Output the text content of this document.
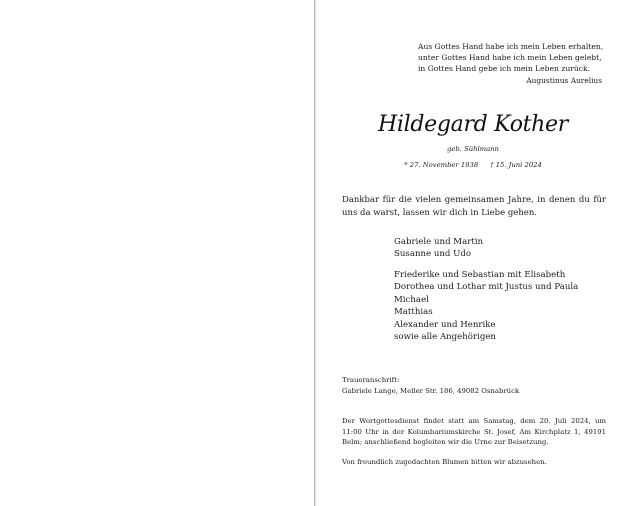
Aus Gottes Hand habe ich mein Leben erhalten,
unter Gottes Hand habe ich mein Leben gelebt,
in Gottes Hand gebe ich mein Leben zurück.
Augustinus Aurelius
Hildegard Kother
geb. Sühlmann
* 27. November 1938 † 15. Juni 2024
Dankbar für die vielen gemeinsamen Jahre, in denen du für uns da warst, lassen wir dich in Liebe gehen.
Gabriele und Martin
Susanne und Udo
Friederike und Sebastian mit Elisabeth
Dorothea und Lothar mit Justus und Paula
Michael
Matthias
Alexander und Henrike
sowie alle Angehörigen
Traueranschrift:
Gabriele Lange, Meller Str. 186, 49082 Osnabrück
Der Wortgottesdienst findet statt am Samstag, dem 20. Juli 2024, um 11:00 Uhr in der Kolumbariumskirche St. Josef, Am Kirchplatz 1, 49191 Belm; anschließend begleiten wir die Urne zur Beisetzung.
Von freundlich zugedachten Blumen bitten wir abzusehen.
